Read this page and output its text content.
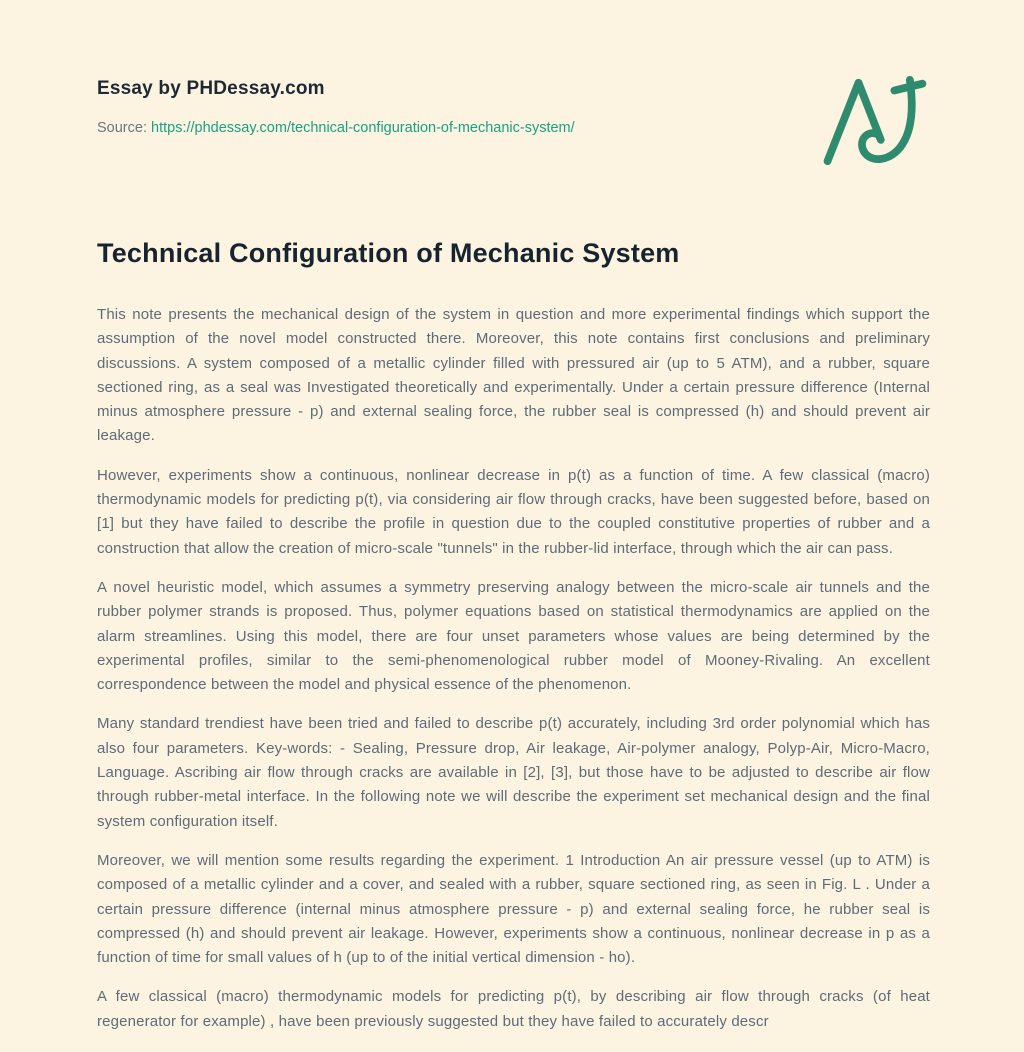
Essay by PHDessay.com
Source: https://phdessay.com/technical-configuration-of-mechanic-system/
Technical Configuration of Mechanic System

This note presents the mechanical design of the system in question and more experimental findings which support the assumption of the novel model constructed there. Moreover, this note contains first conclusions and preliminary discussions. A system composed of a metallic cylinder filled with pressured air (up to 5 ATM), and a rubber, square sectioned ring, as a seal was Investigated theoretically and experimentally. Under a certain pressure difference (Internal minus atmosphere pressure - p) and external sealing force, the rubber seal is compressed (h) and should prevent air leakage.

However, experiments show a continuous, nonlinear decrease in p(t) as a function of time. A few classical (macro) thermodynamic models for predicting p(t), via considering air flow through cracks, have been suggested before, based on [1] but they have failed to describe the profile in question due to the coupled constitutive properties of rubber and a construction that allow the creation of micro-scale "tunnels" in the rubber-lid interface, through which the air can pass.

A novel heuristic model, which assumes a symmetry preserving analogy between the micro-scale air tunnels and the rubber polymer strands is proposed. Thus, polymer equations based on statistical thermodynamics are applied on the alarm streamlines. Using this model, there are four unset parameters whose values are being determined by the experimental profiles, similar to the semi-phenomenological rubber model of Mooney-Rivaling. An excellent correspondence between the model and physical essence of the phenomenon.

Many standard trendiest have been tried and failed to describe p(t) accurately, including 3rd order polynomial which has also four parameters. Key-words: - Sealing, Pressure drop, Air leakage, Air-polymer analogy, Polyp-Air, Micro-Macro, Language. Ascribing air flow through cracks are available in [2], [3], but those have to be adjusted to describe air flow through rubber-metal interface. In the following note we will describe the experiment set mechanical design and the final system configuration itself.

Moreover, we will mention some results regarding the experiment. 1 Introduction An air pressure vessel (up to ATM) is composed of a metallic cylinder and a cover, and sealed with a rubber, square sectioned ring, as seen in Fig. L . Under a certain pressure difference (internal minus atmosphere pressure - p) and external sealing force, he rubber seal is compressed (h) and should prevent air leakage. However, experiments show a continuous, nonlinear decrease in p as a function of time for small values of h (up to of the initial vertical dimension - ho).

A few classical (macro) thermodynamic models for predicting p(t), by describing air flow through cracks (of heat regenerator for example) , have been previously suggested but they have failed to accurately descr
